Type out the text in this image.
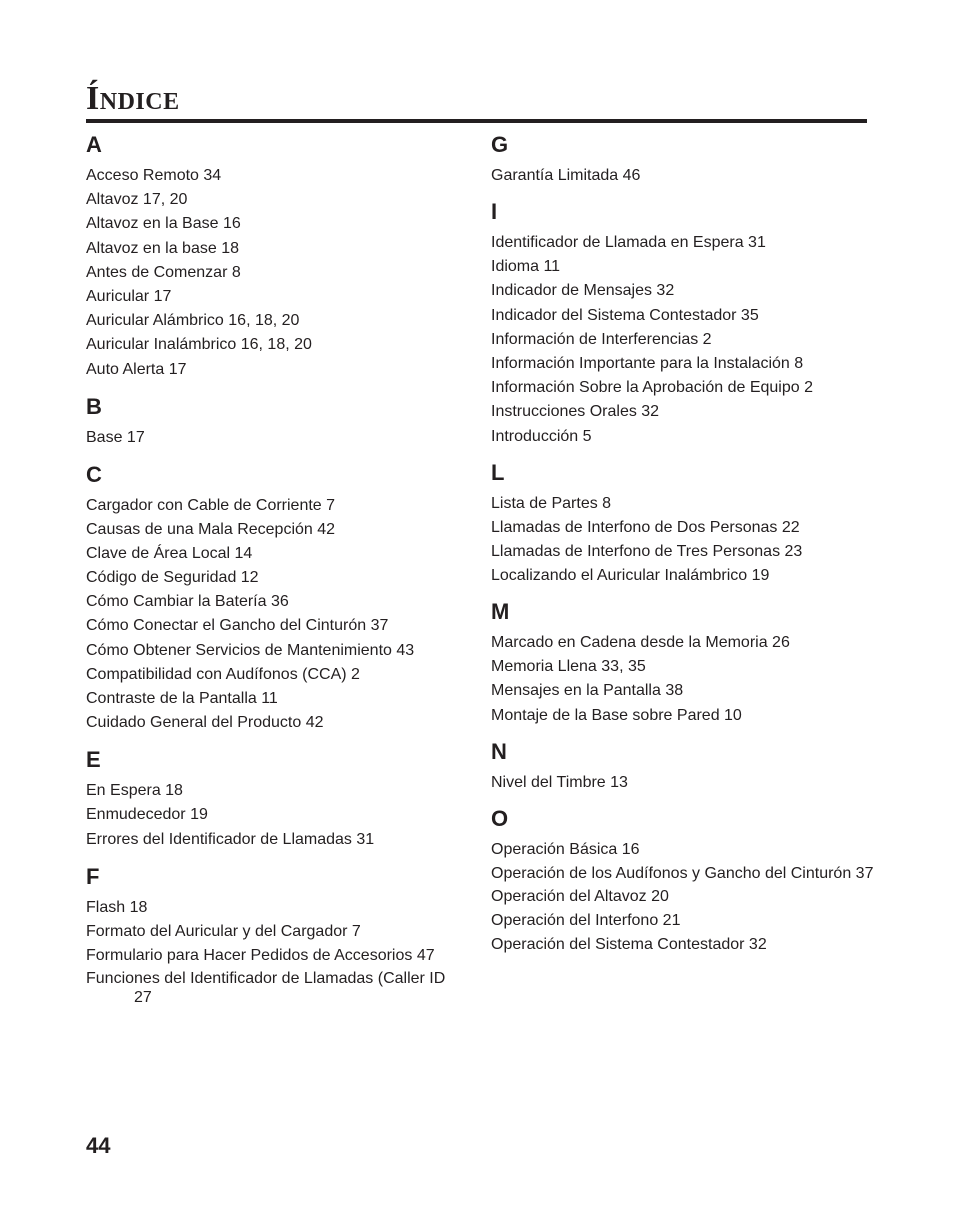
ÍNDICE
A
Acceso Remoto 34
Altavoz 17, 20
Altavoz en la Base 16
Altavoz en la base 18
Antes de Comenzar 8
Auricular 17
Auricular Alámbrico 16, 18, 20
Auricular Inalámbrico 16, 18, 20
Auto Alerta 17
B
Base 17
C
Cargador con Cable de Corriente 7
Causas de una Mala Recepción 42
Clave de Área Local 14
Código de Seguridad 12
Cómo Cambiar la Batería 36
Cómo Conectar el Gancho del Cinturón 37
Cómo Obtener Servicios de Mantenimiento 43
Compatibilidad con Audífonos (CCA) 2
Contraste de la Pantalla 11
Cuidado General del Producto 42
E
En Espera 18
Enmudecedor 19
Errores del Identificador de Llamadas 31
F
Flash 18
Formato del Auricular y del Cargador 7
Formulario para Hacer Pedidos de Accesorios 47
Funciones del Identificador de Llamadas (Caller ID 27
G
Garantía Limitada 46
I
Identificador de Llamada en Espera 31
Idioma 11
Indicador de Mensajes 32
Indicador del Sistema Contestador 35
Información de Interferencias 2
Información Importante para la Instalación 8
Información Sobre la Aprobación de Equipo 2
Instrucciones Orales 32
Introducción 5
L
Lista de Partes 8
Llamadas de Interfono de Dos Personas 22
Llamadas de Interfono de Tres Personas 23
Localizando el Auricular Inalámbrico 19
M
Marcado en Cadena desde la Memoria 26
Memoria Llena 33, 35
Mensajes en la Pantalla 38
Montaje de la Base sobre Pared 10
N
Nivel del Timbre 13
O
Operación Básica 16
Operación de los Audífonos y Gancho del Cinturón 37
Operación del Altavoz 20
Operación del Interfono 21
Operación del Sistema Contestador 32
44
